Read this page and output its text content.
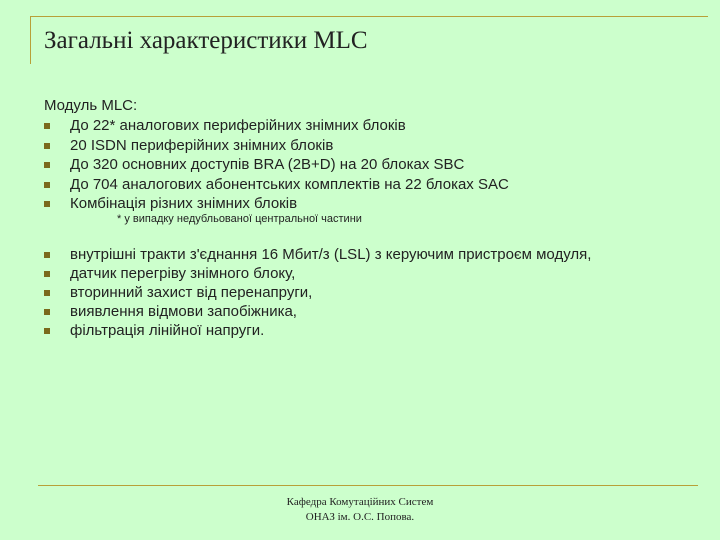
Загальні характеристики MLC
Модуль MLC:
До 22* аналогових периферійних знімних блоків
20 ISDN периферійних знімних блоків
До 320 основних доступів BRA (2B+D) на 20 блоках SBC
До 704 аналогових абонентських комплектів на 22 блоках SAC
Комбінація різних знімних блоків
* у випадку недубльованої центральної частини
внутрішні тракти з'єднання 16 Мбит/з (LSL) з керуючим пристроєм модуля,
датчик перегріву знімного блоку,
вторинний захист від перенапруги,
виявлення відмови запобіжника,
фільтрація лінійної напруги.
Кафедра Комутаційних Систем
ОНАЗ ім. О.С. Попова.
